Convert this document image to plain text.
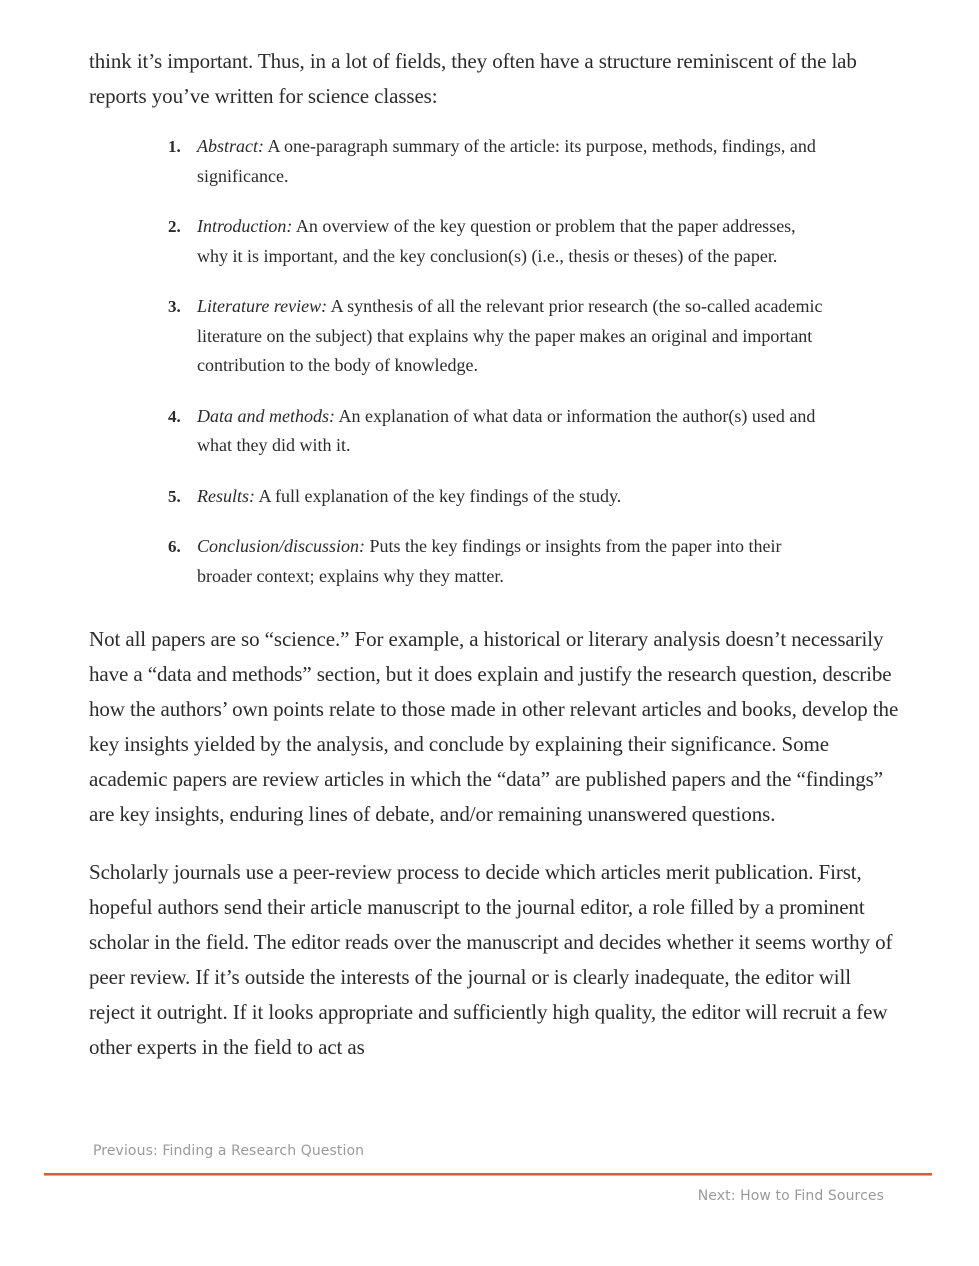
think it’s important. Thus, in a lot of fields, they often have a structure reminiscent of the lab reports you’ve written for science classes:

1. Abstract: A one-paragraph summary of the article: its purpose, methods, findings, and significance.
2. Introduction: An overview of the key question or problem that the paper addresses, why it is important, and the key conclusion(s) (i.e., thesis or theses) of the paper.
3. Literature review: A synthesis of all the relevant prior research (the so-called academic literature on the subject) that explains why the paper makes an original and important contribution to the body of knowledge.
4. Data and methods: An explanation of what data or information the author(s) used and what they did with it.
5. Results: A full explanation of the key findings of the study.
6. Conclusion/discussion: Puts the key findings or insights from the paper into their broader context; explains why they matter.

Not all papers are so “science.” For example, a historical or literary analysis doesn’t necessarily have a “data and methods” section, but it does explain and justify the research question, describe how the authors’ own points relate to those made in other relevant articles and books, develop the key insights yielded by the analysis, and conclude by explaining their significance. Some academic papers are review articles in which the “data” are published papers and the “findings” are key insights, enduring lines of debate, and/or remaining unanswered questions.

Scholarly journals use a peer-review process to decide which articles merit publication. First, hopeful authors send their article manuscript to the journal editor, a role filled by a prominent scholar in the field. The editor reads over the manuscript and decides whether it seems worthy of peer review. If it’s outside the interests of the journal or is clearly inadequate, the editor will reject it outright. If it looks appropriate and sufficiently high quality, the editor will recruit a few other experts in the field to act as

Previous: Finding a Research Question
Next: How to Find Sources
